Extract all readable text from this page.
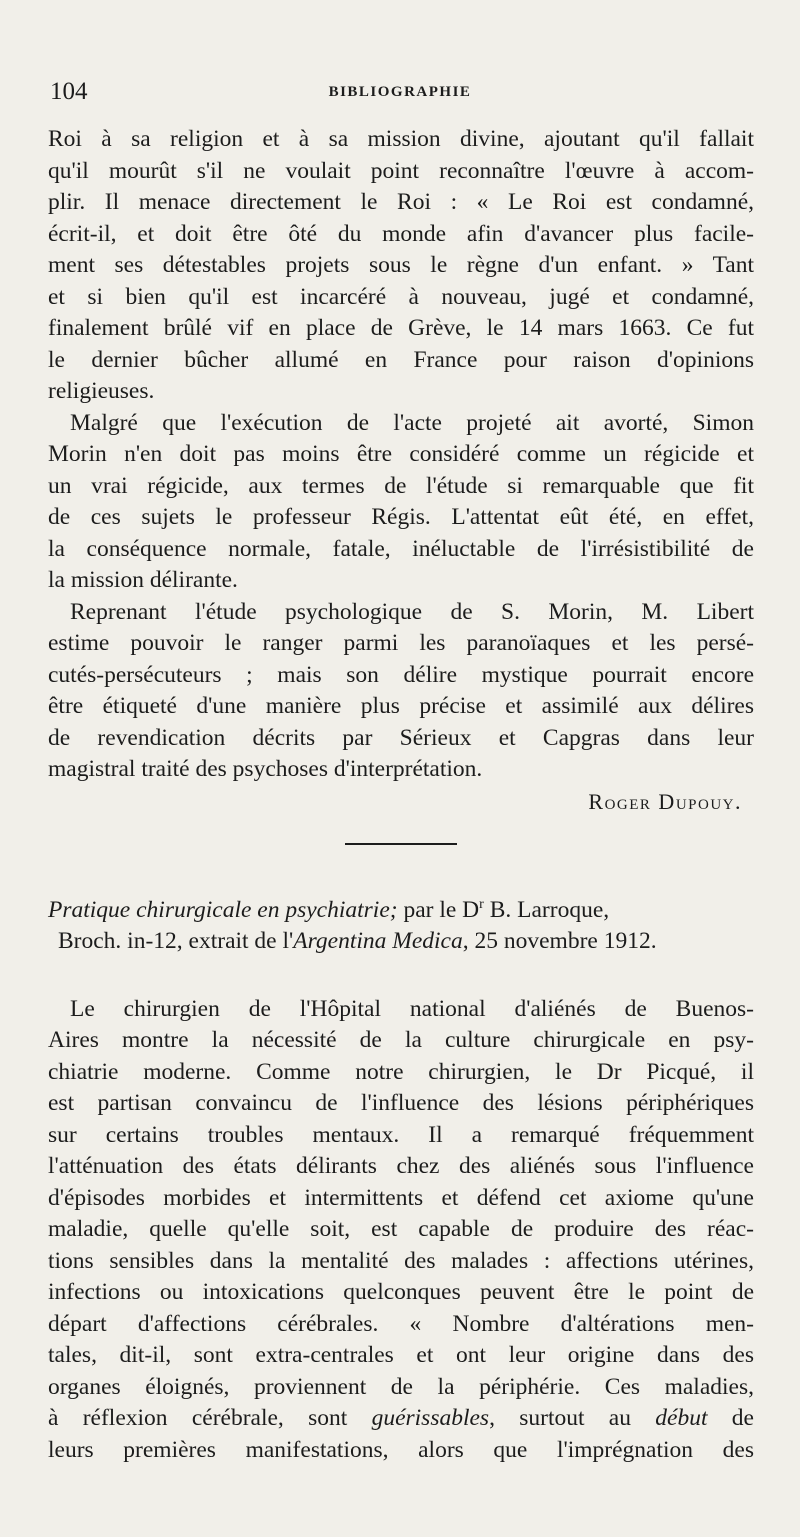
104	BIBLIOGRAPHIE
Roi à sa religion et à sa mission divine, ajoutant qu'il fallait
qu'il mourût s'il ne voulait point reconnaître l'œuvre à accom-
plir. Il menace directement le Roi : « Le Roi est condamné,
écrit-il, et doit être ôté du monde afin d'avancer plus facile-
ment ses détestables projets sous le règne d'un enfant. » Tant
et si bien qu'il est incarcéré à nouveau, jugé et condamné,
finalement brûlé vif en place de Grève, le 14 mars 1663. Ce fut
le dernier bûcher allumé en France pour raison d'opinions
religieuses.
Malgré que l'exécution de l'acte projeté ait avorté, Simon
Morin n'en doit pas moins être considéré comme un régicide et
un vrai régicide, aux termes de l'étude si remarquable que fit
de ces sujets le professeur Régis. L'attentat eût été, en effet,
la conséquence normale, fatale, inéluctable de l'irrésistibilité de
la mission délirante.
Reprenant l'étude psychologique de S. Morin, M. Libert
estime pouvoir le ranger parmi les paranoïaques et les persé-
cutés-persécuteurs ; mais son délire mystique pourrait encore
être étiqueté d'une manière plus précise et assimilé aux délires
de revendication décrits par Sérieux et Capgras dans leur
magistral traité des psychoses d'interprétation.
Roger Dupouy.
Pratique chirurgicale en psychiatrie; par le $D^r$ B. Larroque,
Broch. in-12, extrait de l'Argentina Medica, 25 novembre 1912.
Le chirurgien de l'Hôpital national d'aliénés de Buenos-
Aires montre la nécessité de la culture chirurgicale en psy-
chiatrie moderne. Comme notre chirurgien, le Dr Picqué, il
est partisan convaincu de l'influence des lésions périphériques
sur certains troubles mentaux. Il a remarqué fréquemment
l'atténuation des états délirants chez des aliénés sous l'influence
d'épisodes morbides et intermittents et défend cet axiome qu'une
maladie, quelle qu'elle soit, est capable de produire des réac-
tions sensibles dans la mentalité des malades : affections utérines,
infections ou intoxications quelconques peuvent être le point de
départ d'affections cérébrales. « Nombre d'altérations men-
tales, dit-il, sont extra-centrales et ont leur origine dans des
organes éloignés, proviennent de la périphérie. Ces maladies,
à réflexion cérébrale, sont guérissables, surtout au début de
leurs premières manifestations, alors que l'imprégnation des
